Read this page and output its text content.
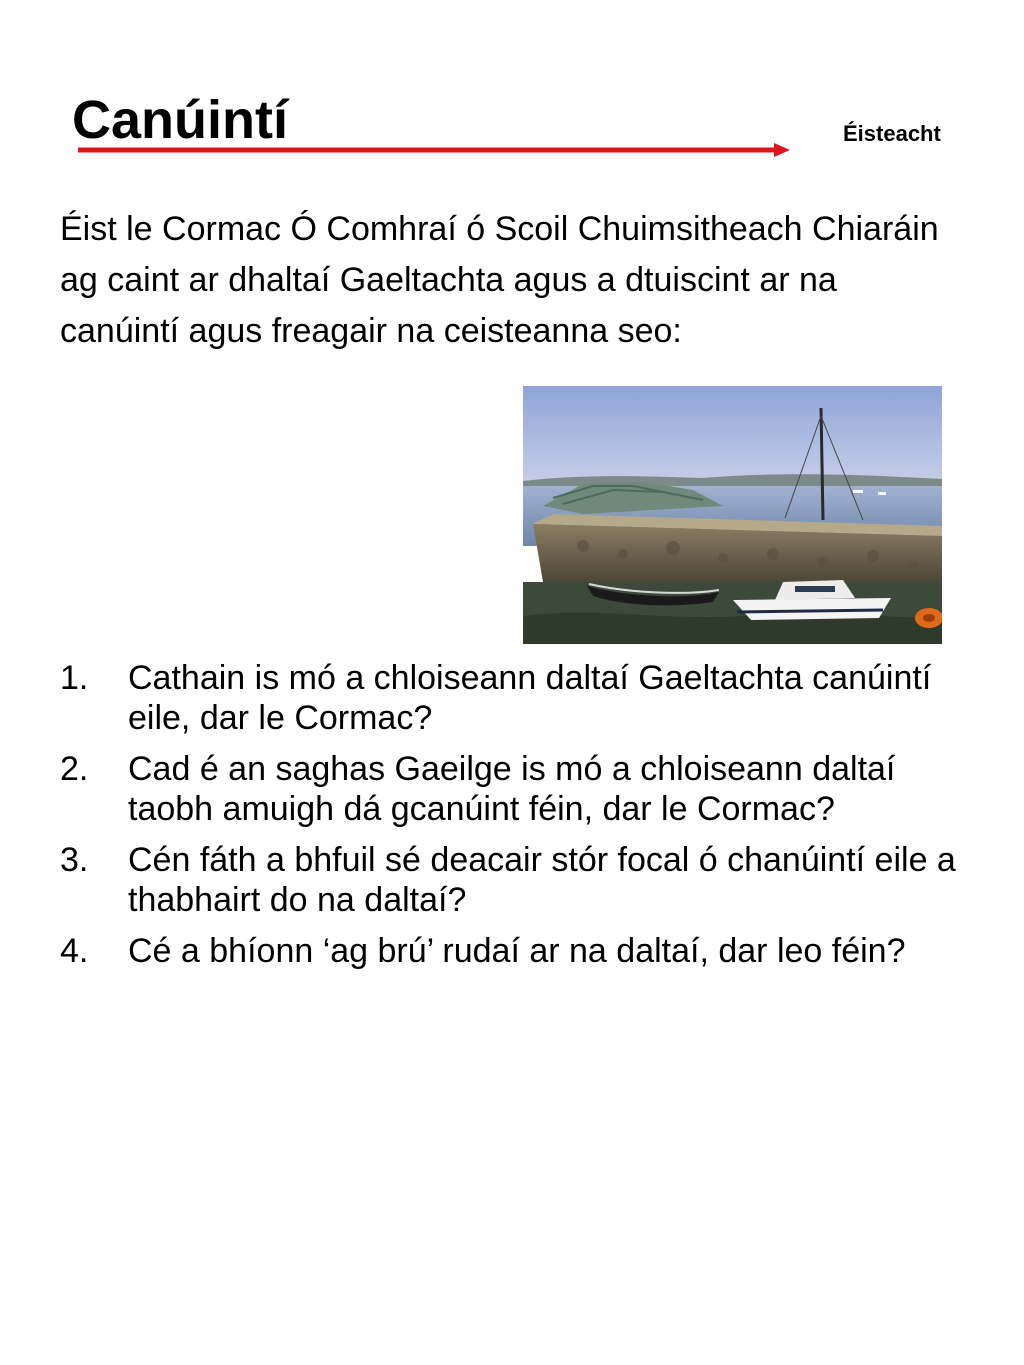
Canúintí	Éisteacht

Éist le Cormac Ó Comhraí ó Scoil Chuimsitheach Chiaráin ag caint ar dhaltaí Gaeltachta agus a dtuiscint ar na canúintí agus freagair na ceisteanna seo:

1. Cathain is mó a chloiseann daltaí Gaeltachta canúintí eile, dar le Cormac?
2. Cad é an saghas Gaeilge is mó a chloiseann daltaí taobh amuigh dá gcanúint féin, dar le Cormac?
3. Cén fáth a bhfuil sé deacair stór focal ó chanúintí eile a thabhairt do na daltaí?
4. Cé a bhíonn ‘ag brú’ rudaí ar na daltaí, dar leo féin?
